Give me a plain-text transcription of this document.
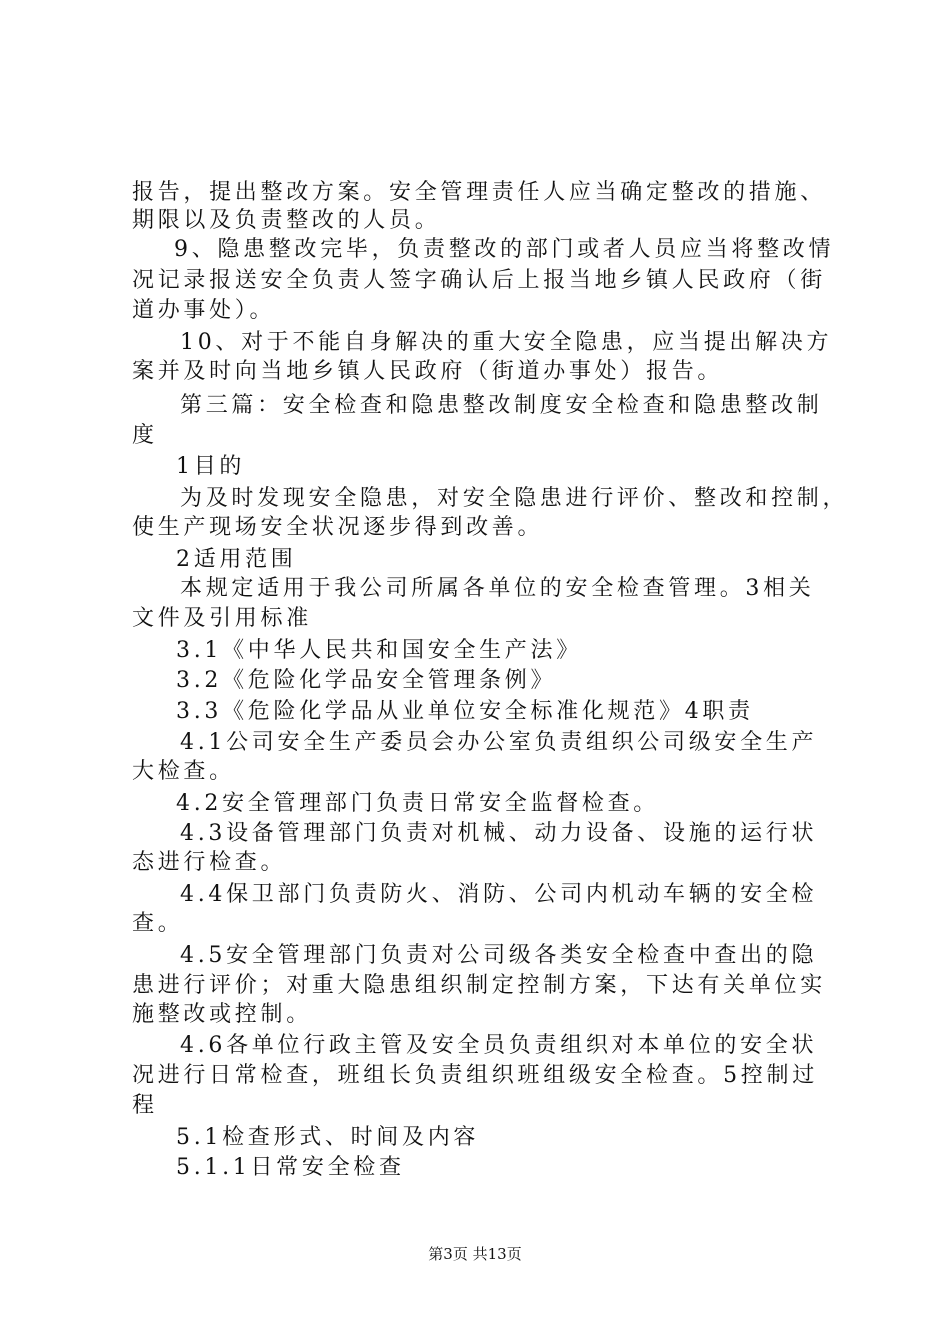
报告，提出整改方案。安全管理责任人应当确定整改的措施、
期限以及负责整改的人员。
9、隐患整改完毕，负责整改的部门或者人员应当将整改情
况记录报送安全负责人签字确认后上报当地乡镇人民政府（街
道办事处）。
10、对于不能自身解决的重大安全隐患，应当提出解决方
案并及时向当地乡镇人民政府（街道办事处）报告。
第三篇：安全检查和隐患整改制度安全检查和隐患整改制
度
1目的
为及时发现安全隐患，对安全隐患进行评价、整改和控制，
使生产现场安全状况逐步得到改善。
2适用范围
本规定适用于我公司所属各单位的安全检查管理。3相关
文件及引用标准
3.1《中华人民共和国安全生产法》
3.2《危险化学品安全管理条例》
3.3《危险化学品从业单位安全标准化规范》4职责
4.1公司安全生产委员会办公室负责组织公司级安全生产
大检查。
4.2安全管理部门负责日常安全监督检查。
4.3设备管理部门负责对机械、动力设备、设施的运行状
态进行检查。
4.4保卫部门负责防火、消防、公司内机动车辆的安全检
查。
4.5安全管理部门负责对公司级各类安全检查中查出的隐
患进行评价；对重大隐患组织制定控制方案，下达有关单位实
施整改或控制。
4.6各单位行政主管及安全员负责组织对本单位的安全状
况进行日常检查，班组长负责组织班组级安全检查。5控制过
程
5.1检查形式、时间及内容
5.1.1日常安全检查
第3页 共13页
